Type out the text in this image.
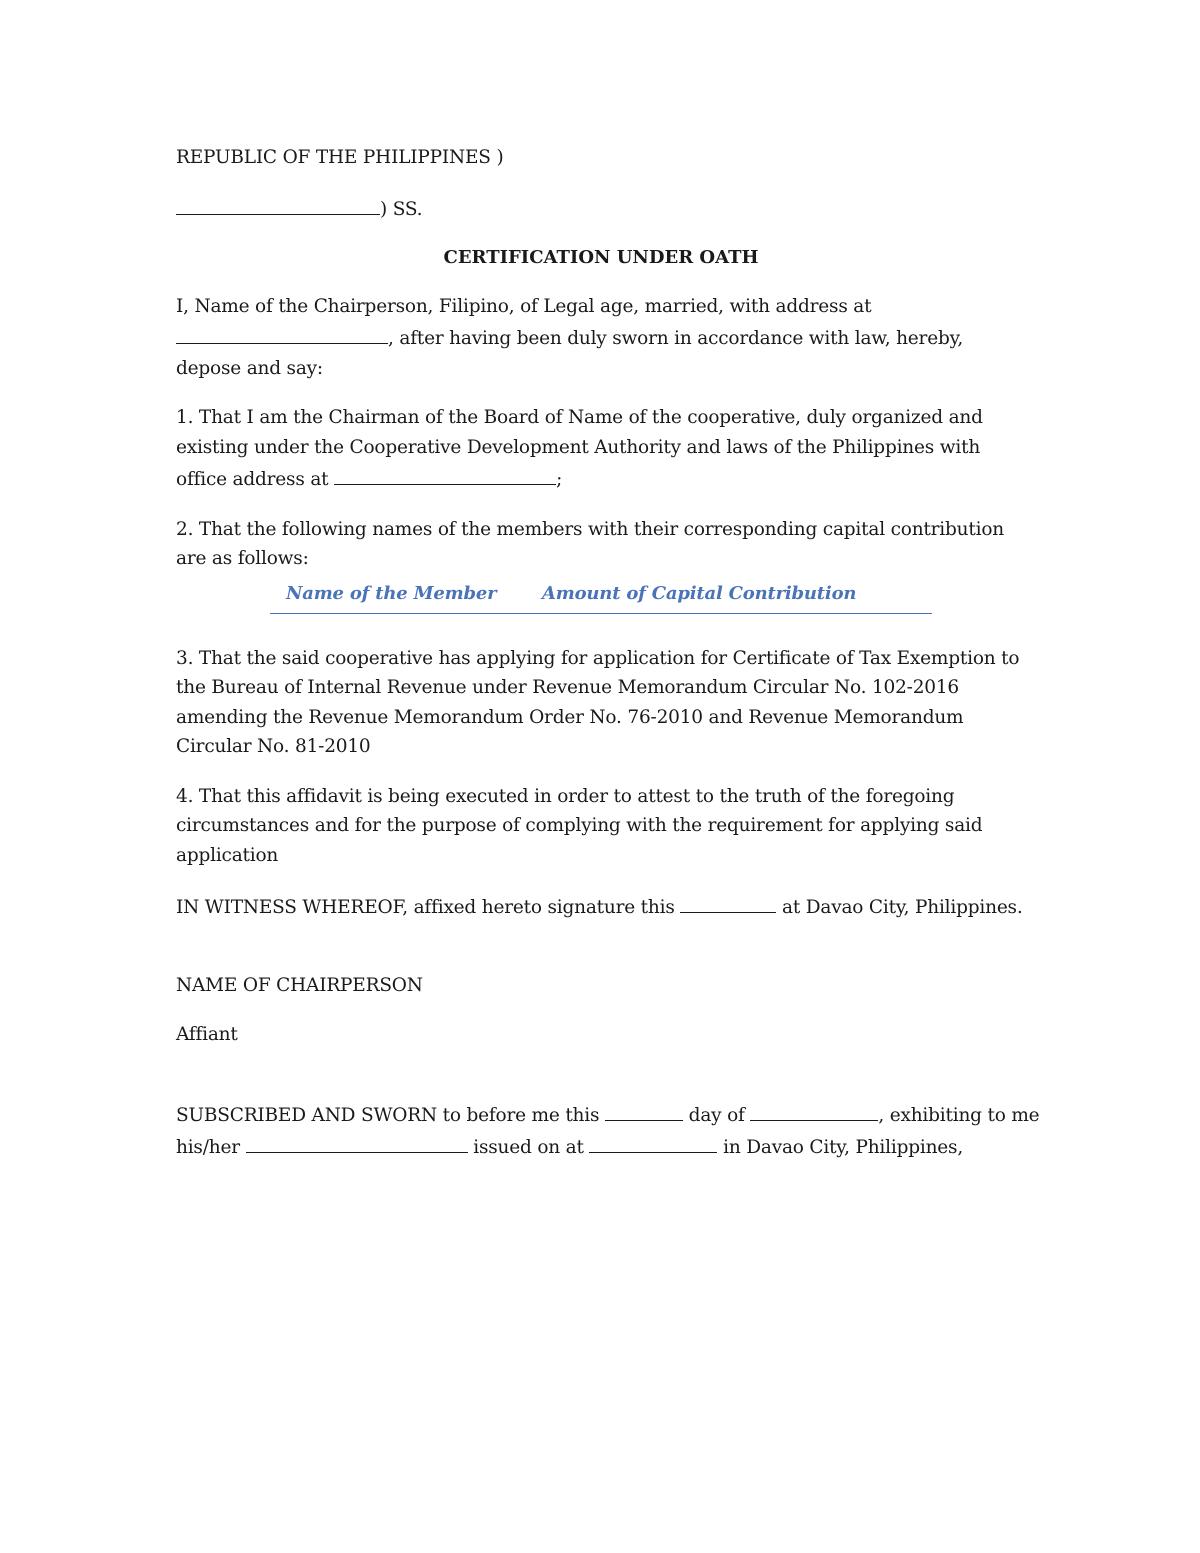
REPUBLIC OF THE PHILIPPINES )
) SS.
CERTIFICATION UNDER OATH
I, Name of the Chairperson, Filipino, of Legal age, married, with address at
, after having been duly sworn in accordance with law, hereby,
depose and say:
1. That I am the Chairman of the Board of Name of the cooperative, duly organized and
existing under the Cooperative Development Authority and laws of the Philippines with
office address at	;
2. That the following names of the members with their corresponding capital contribution
are as follows:
Name of the Member	Amount of Capital Contribution
3. That the said cooperative has applying for application for Certificate of Tax Exemption to
the Bureau of Internal Revenue under Revenue Memorandum Circular No. 102-2016
amending the Revenue Memorandum Order No. 76-2010 and Revenue Memorandum
Circular No. 81-2010
4. That this affidavit is being executed in order to attest to the truth of the foregoing
circumstances and for the purpose of complying with the requirement for applying said
application
IN WITNESS WHEREOF, affixed hereto signature this	at Davao City, Philippines.
NAME OF CHAIRPERSON
Affiant
SUBSCRIBED AND SWORN to before me this	day of	, exhibiting to me
his/her	issued on at	in Davao City, Philippines,
